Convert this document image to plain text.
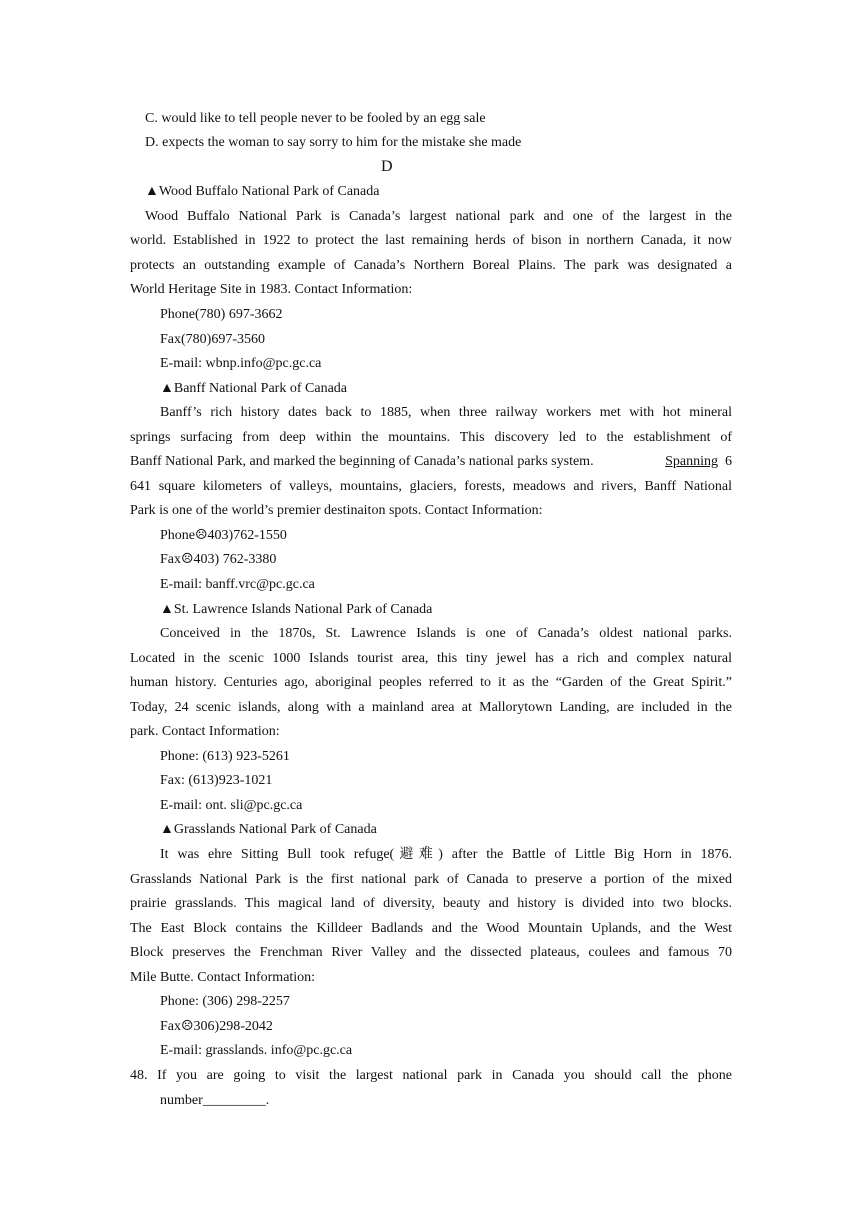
C. would like to tell people never to be fooled by an egg sale
D. expects the woman to say sorry to him for the mistake she made
D
▲Wood Buffalo National Park of Canada
Wood Buffalo National Park is Canada’s largest national park and one of the largest in the
world. Established in 1922 to protect the last remaining herds of bison in northern Canada, it now
protects an outstanding example of Canada’s Northern Boreal Plains. The park was designated a
World Heritage Site in 1983. Contact Information:
Phone(780) 697-3662
Fax(780)697-3560
E-mail: wbnp.info@pc.gc.ca
▲Banff National Park of Canada
Banff’s rich history dates back to 1885, when three railway workers met with hot mineral
springs surfacing from deep within the mountains. This discovery led to the establishment of
Banff National Park, and marked the beginning of Canada’s national parks system.	Spanning 6
641 square kilometers of valleys, mountains, glaciers, forests, meadows and rivers, Banff National
Park is one of the world’s premier destinaiton spots. Contact Information:
Phone☹403)762-1550
Fax☹403) 762-3380
E-mail: banff.vrc@pc.gc.ca
▲St. Lawrence Islands National Park of Canada
Conceived in the 1870s, St. Lawrence Islands is one of Canada’s oldest national parks.
Located in the scenic 1000 Islands tourist area, this tiny jewel has a rich and complex natural
human history. Centuries ago, aboriginal peoples referred to it as the “Garden of the Great Spirit.”
Today, 24 scenic islands, along with a mainland area at Mallorytown Landing, are included in the
park. Contact Information:
Phone: (613) 923-5261
Fax: (613)923-1021
E-mail: ont. sli@pc.gc.ca
▲Grasslands National Park of Canada
It was ehre Sitting Bull took refuge(避难) after the Battle of Little Big Horn in 1876.
Grasslands National Park is the first national park of Canada to preserve a portion of the mixed
prairie grasslands. This magical land of diversity, beauty and history is divided into two blocks.
The East Block contains the Killdeer Badlands and the Wood Mountain Uplands, and the West
Block preserves the Frenchman River Valley and the dissected plateaus, coulees and famous 70
Mile Butte. Contact Information:
Phone: (306) 298-2257
Fax☹306)298-2042
E-mail: grasslands. info@pc.gc.ca
48. If you are going to visit the largest national park in Canada you should call the phone
number_________.
